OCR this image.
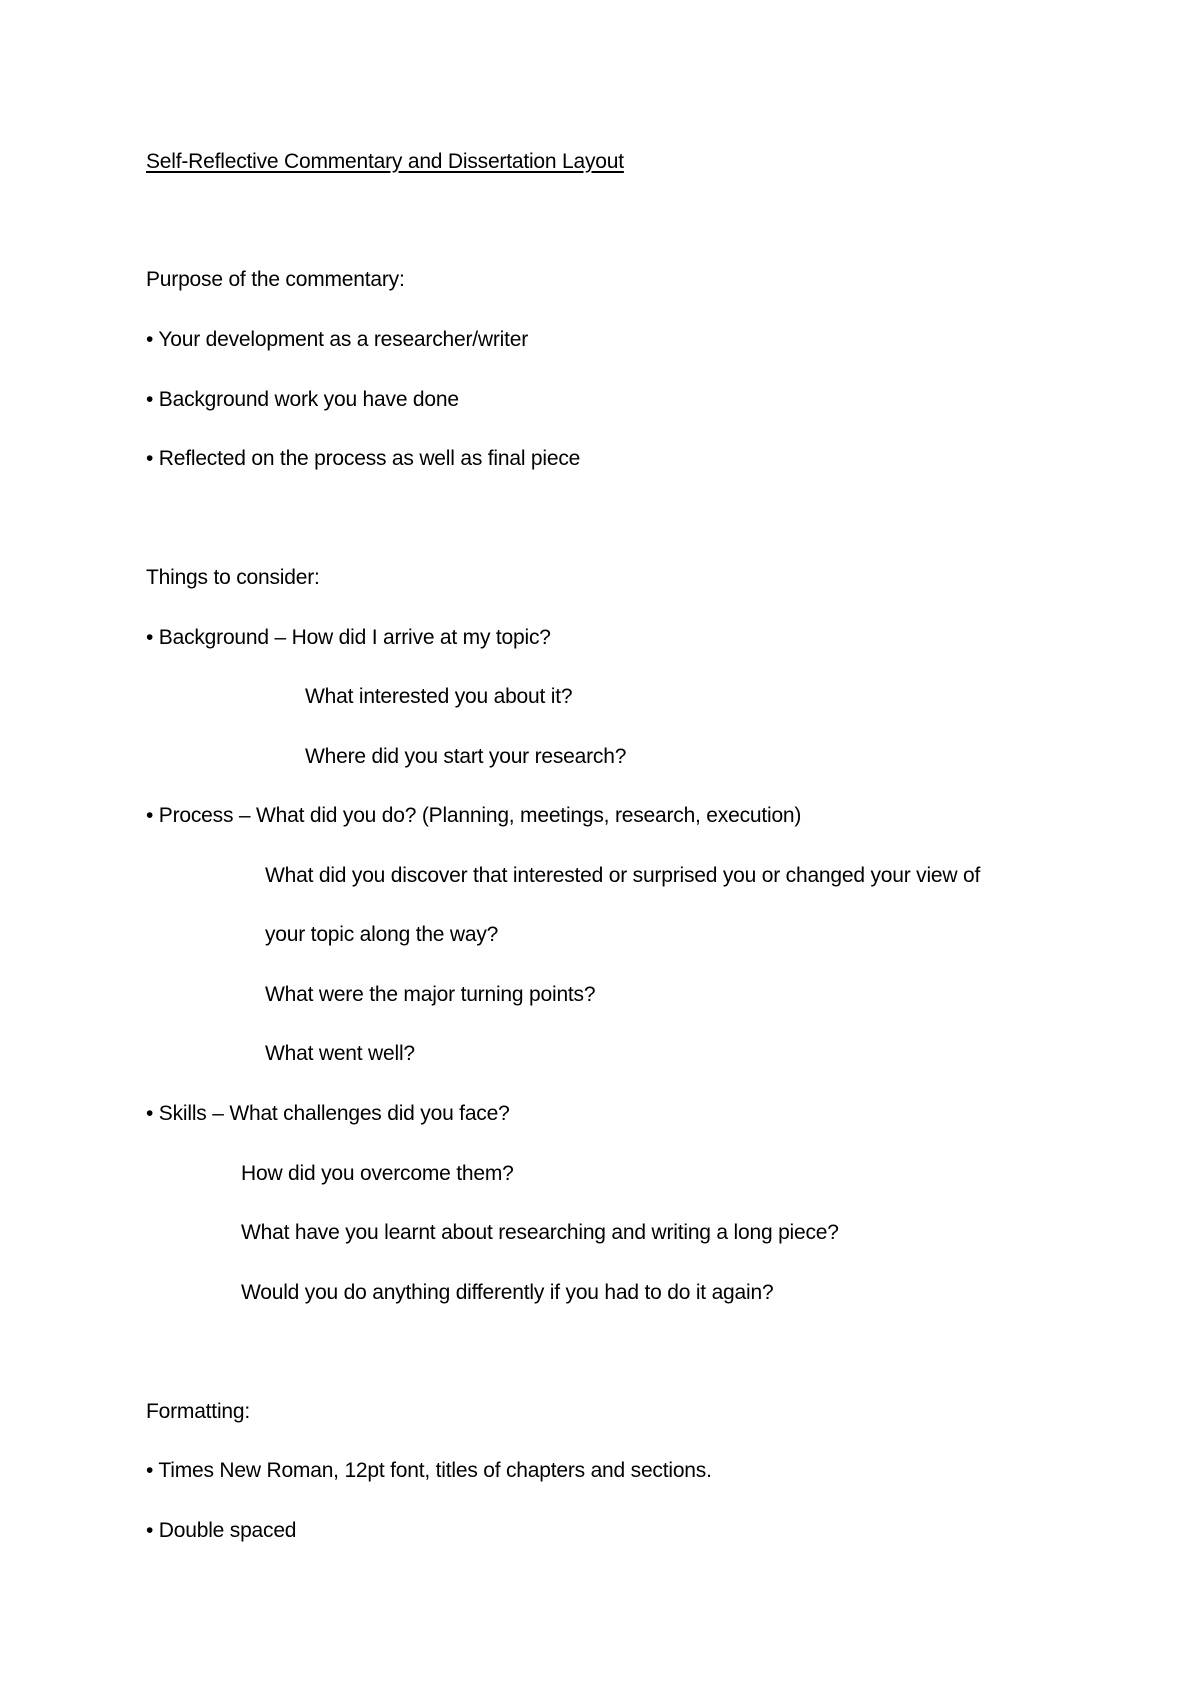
Self-Reflective Commentary and Dissertation Layout
Purpose of the commentary:
• Your development as a researcher/writer
• Background work you have done
• Reflected on the process as well as final piece
Things to consider:
• Background – How did I arrive at my topic?
What interested you about it?
Where did you start your research?
• Process – What did you do? (Planning, meetings, research, execution)
What did you discover that interested or surprised you or changed your view of
your topic along the way?
What were the major turning points?
What went well?
• Skills – What challenges did you face?
How did you overcome them?
What have you learnt about researching and writing a long piece?
Would you do anything differently if you had to do it again?
Formatting:
• Times New Roman, 12pt font, titles of chapters and sections.
• Double spaced
